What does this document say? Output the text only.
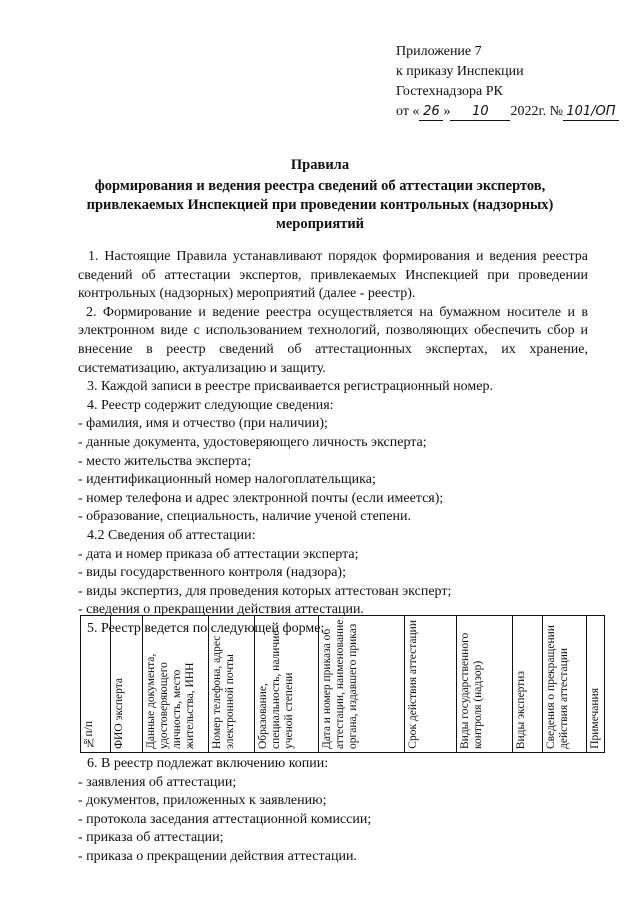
Приложение 7
к приказу Инспекции
Гостехнадзора РК
от « 26 » 10 2022г. № 101/ОП
Правила
формирования и ведения реестра сведений об аттестации экспертов, привлекаемых Инспекцией при проведении контрольных (надзорных) мероприятий
1. Настоящие Правила устанавливают порядок формирования и ведения реестра сведений об аттестации экспертов, привлекаемых Инспекцией при проведении контрольных (надзорных) мероприятий (далее - реестр).
2. Формирование и ведение реестра осуществляется на бумажном носителе и в электронном виде с использованием технологий, позволяющих обеспечить сбор и внесение в реестр сведений об аттестационных экспертах, их хранение, систематизацию, актуализацию и защиту.
3. Каждой записи в реестре присваивается регистрационный номер.
4. Реестр содержит следующие сведения:
- фамилия, имя и отчество (при наличии);
- данные документа, удостоверяющего личность эксперта;
- место жительства эксперта;
- идентификационный номер налогоплательщика;
- номер телефона и адрес электронной почты (если имеется);
- образование, специальность, наличие ученой степени.
4.2 Сведения об аттестации:
- дата и номер приказа об аттестации эксперта;
- виды государственного контроля (надзора);
- виды экспертиз, для проведения которых аттестован эксперт;
- сведения о прекращении действия аттестации.
5. Реестр ведется по следующей форме:
№п/п	ФИО эксперта	Данные документа, удостоверяющего личность, место жительства, ИНН	Номер телефона, адрес электронной почты	Образование, специальность, наличие ученой степени	Дата и номер приказа об аттестации, наименование органа, издавшего приказ	Срок действия аттестации	Виды государственного контроля (надзор)	Виды экспертиз	Сведения о прекращении действия аттестации	Примечания
6. В реестр подлежат включению копии:
- заявления об аттестации;
- документов, приложенных к заявлению;
- протокола заседания аттестационной комиссии;
- приказа об аттестации;
- приказа о прекращении действия аттестации.
